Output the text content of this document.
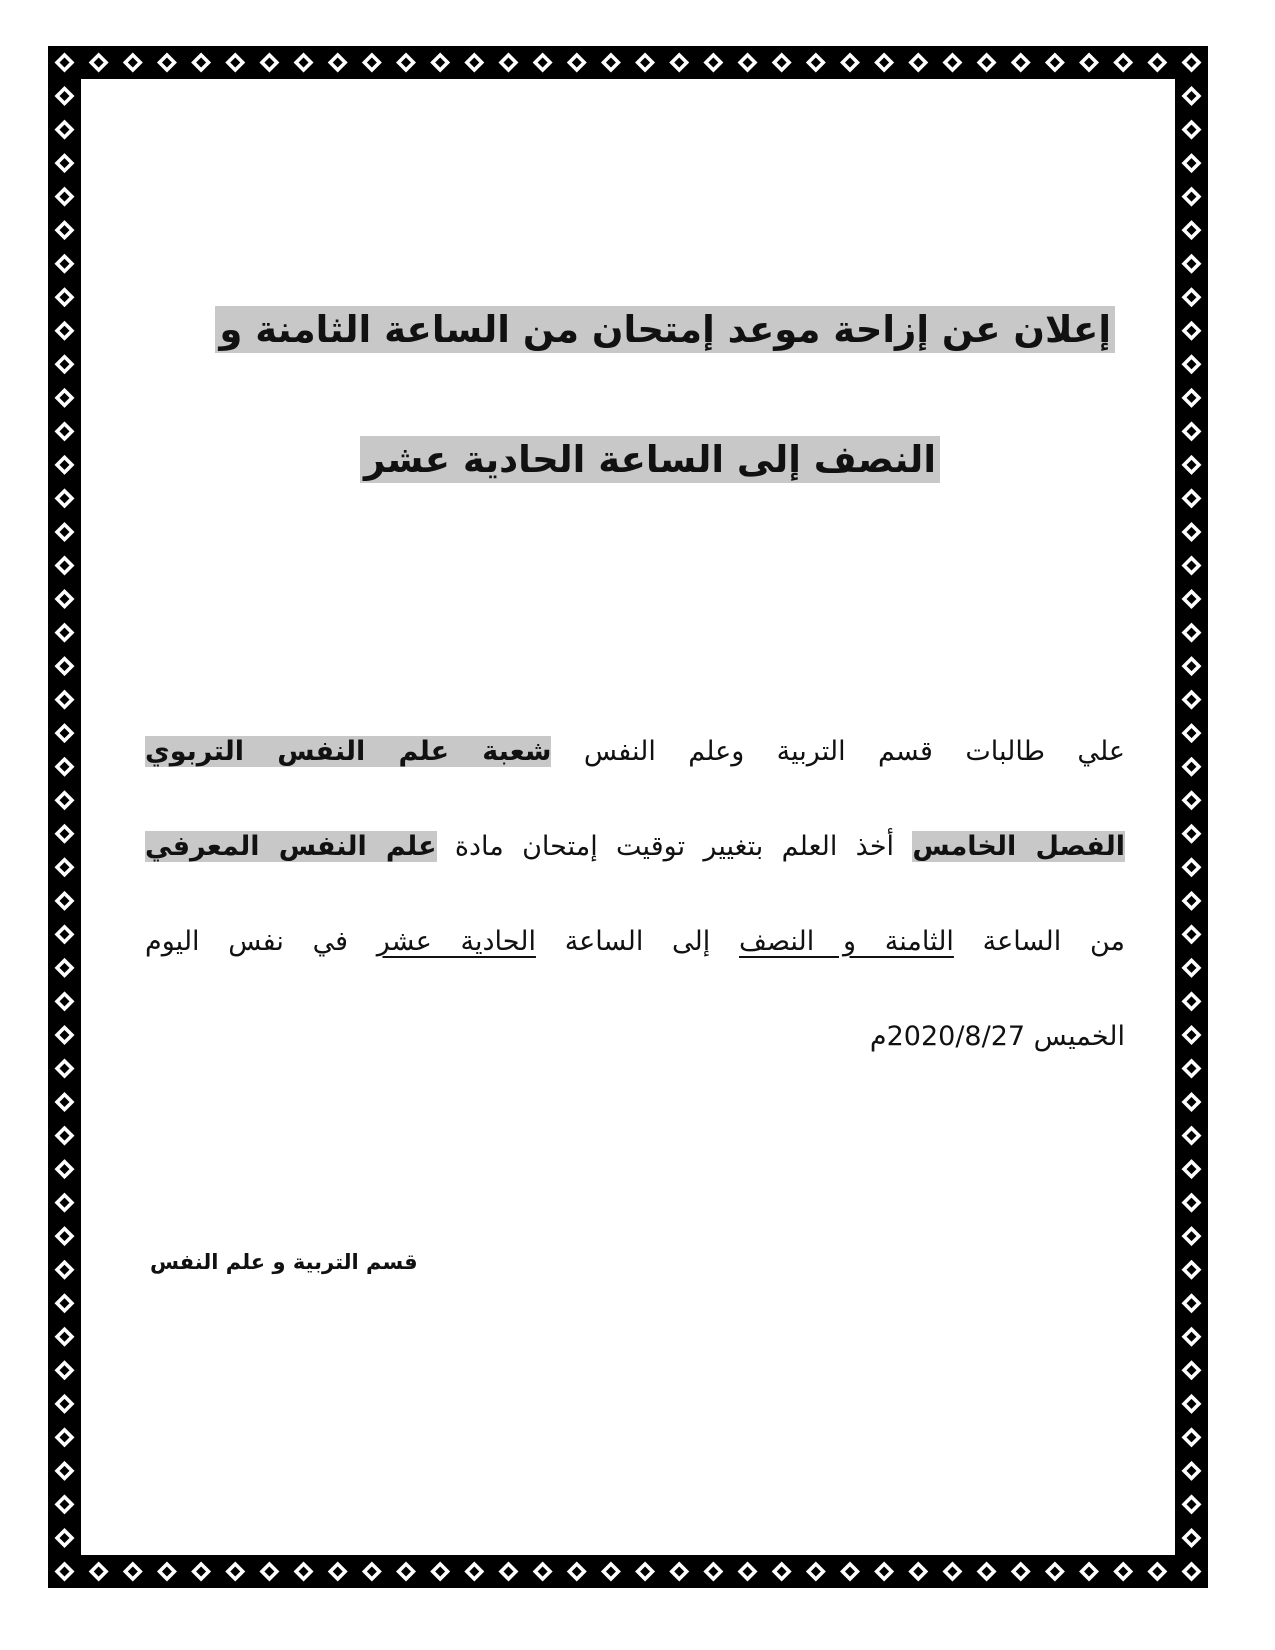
إعلان عن إزاحة موعد إمتحان من الساعة الثامنة و
النصف إلى الساعة الحادية عشر
علي طالبات قسم التربية وعلم النفس شعبة علم النفس التربوي
الفصل الخامس أخذ العلم بتغيير توقيت إمتحان مادة علم النفس المعرفي
من الساعة الثامنة و النصف إلى الساعة الحادية عشر في نفس اليوم
الخميس 2020/8/27م
قسم التربية و علم النفس
